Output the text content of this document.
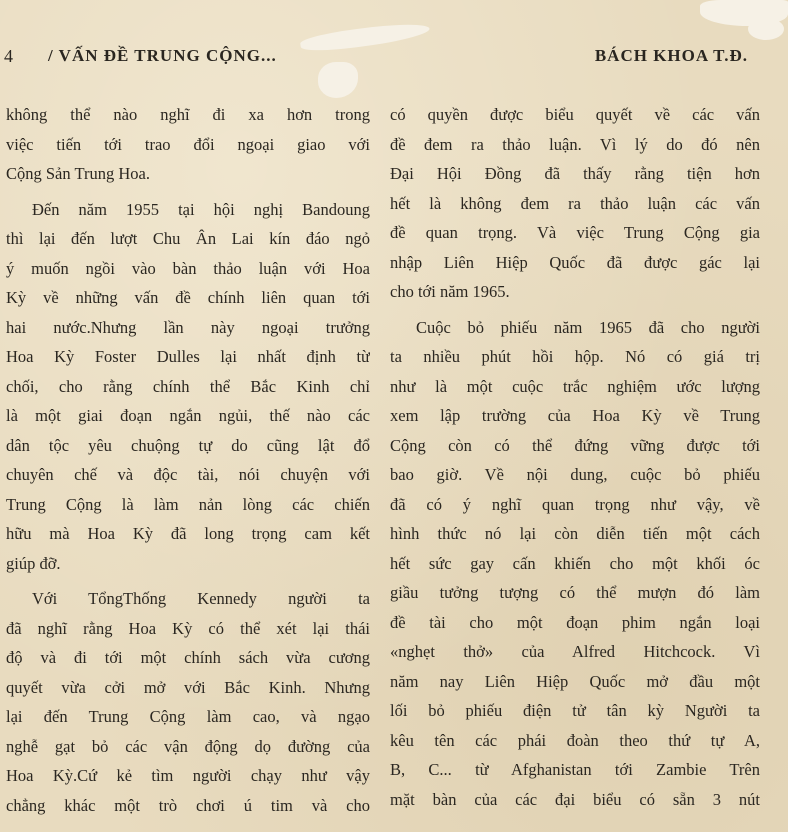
4 / VẤN ĐỀ TRUNG CỘNG...	BÁCH KHOA T.Đ.
không thể nào nghĩ đi xa hơn trong
việc tiến tới trao đổi ngoại giao với
Cộng Sản Trung Hoa.
Đến năm 1955 tại hội nghị Bandoung
thì lại đến lượt Chu Ân Lai kín đáo ngỏ
ý muốn ngồi vào bàn thảo luận với Hoa
Kỳ về những vấn đề chính liên quan tới
hai nước.Nhưng lần này ngoại trưởng
Hoa Kỳ Foster Dulles lại nhất định từ
chối, cho rằng chính thể Bắc Kinh chỉ
là một giai đoạn ngắn ngủi, thế nào các
dân tộc yêu chuộng tự do cũng lật đổ
chuyên chế và độc tài, nói chuyện với
Trung Cộng là làm nản lòng các chiến
hữu mà Hoa Kỳ đã long trọng cam kết
giúp đỡ.
Với TổngThống Kennedy người ta
đã nghĩ rằng Hoa Kỳ có thể xét lại thái
độ và đi tới một chính sách vừa cương
quyết vừa cởi mở với Bắc Kinh. Nhưng
lại đến Trung Cộng làm cao, và ngạo
nghễ gạt bỏ các vận động dọ đường của
Hoa Kỳ.Cứ kẻ tìm người chạy như vậy
chẳng khác một trò chơi ú tim và cho
có quyền được biểu quyết về các vấn
đề đem ra thảo luận. Vì lý do đó nên
Đại Hội Đồng đã thấy rằng tiện hơn
hết là không đem ra thảo luận các vấn
đề quan trọng. Và việc Trung Cộng gia
nhập Liên Hiệp Quốc đã được gác lại
cho tới năm 1965.
Cuộc bỏ phiếu năm 1965 đã cho người
ta nhiều phút hồi hộp. Nó có giá trị
như là một cuộc trắc nghiệm ước lượng
xem lập trường của Hoa Kỳ về Trung
Cộng còn có thể đứng vững được tới
bao giờ. Về nội dung, cuộc bỏ phiếu
đã có ý nghĩ quan trọng như vậy, về
hình thức nó lại còn diễn tiến một cách
hết sức gay cấn khiến cho một khối óc
giầu tưởng tượng có thể mượn đó làm
đề tài cho một đoạn phim ngắn loại
«nghẹt thở» của Alfred Hitchcock. Vì
năm nay Liên Hiệp Quốc mở đầu một
lối bỏ phiếu điện tử tân kỳ Người ta
kêu tên các phái đoàn theo thứ tự A,
B, C... từ Afghanistan tới Zambie Trên
mặt bàn của các đại biểu có sẵn 3 nút
